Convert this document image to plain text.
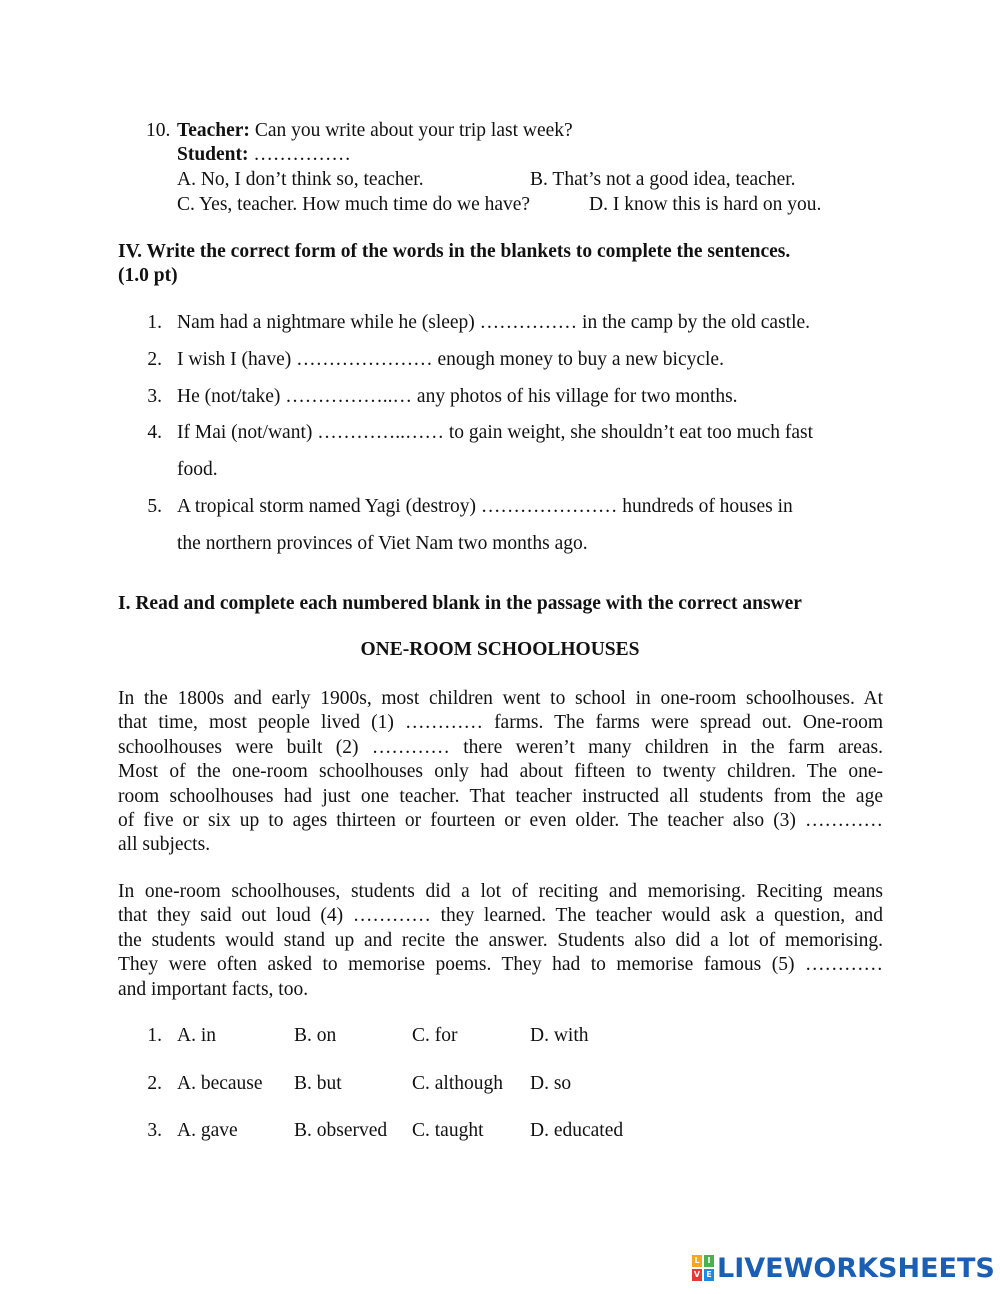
10. Teacher: Can you write about your trip last week?
Student: ……………
A. No, I don’t think so, teacher.	B. That’s not a good idea, teacher.
C. Yes, teacher. How much time do we have?	D. I know this is hard on you.
IV. Write the correct form of the words in the blankets to complete the sentences.
(1.0 pt)
1. Nam had a nightmare while he (sleep) …………… in the camp by the old castle.
2. I wish I (have) ………………… enough money to buy a new bicycle.
3. He (not/take) ……………..… any photos of his village for two months.
4. If Mai (not/want) …………..…… to gain weight, she shouldn’t eat too much fast
food.
5. A tropical storm named Yagi (destroy) ………………… hundreds of houses in
the northern provinces of Viet Nam two months ago.
I. Read and complete each numbered blank in the passage with the correct answer
ONE-ROOM SCHOOLHOUSES
In the 1800s and early 1900s, most children went to school in one-room schoolhouses. At
that time, most people lived (1) ………… farms. The farms were spread out. One-room
schoolhouses were built (2) ………… there weren’t many children in the farm areas.
Most of the one-room schoolhouses only had about fifteen to twenty children. The one-
room schoolhouses had just one teacher. That teacher instructed all students from the age
of five or six up to ages thirteen or fourteen or even older. The teacher also (3) …………
all subjects.
In one-room schoolhouses, students did a lot of reciting and memorising. Reciting means
that they said out loud (4) ………… they learned. The teacher would ask a question, and
the students would stand up and recite the answer. Students also did a lot of memorising.
They were often asked to memorise poems. They had to memorise famous (5) …………
and important facts, too.
1. A. in	B. on	C. for	D. with
2. A. because B. but	C. although D. so
3. A. gave	B. observed C. taught D. educated
L I
V E LIVEWORKSHEETS
